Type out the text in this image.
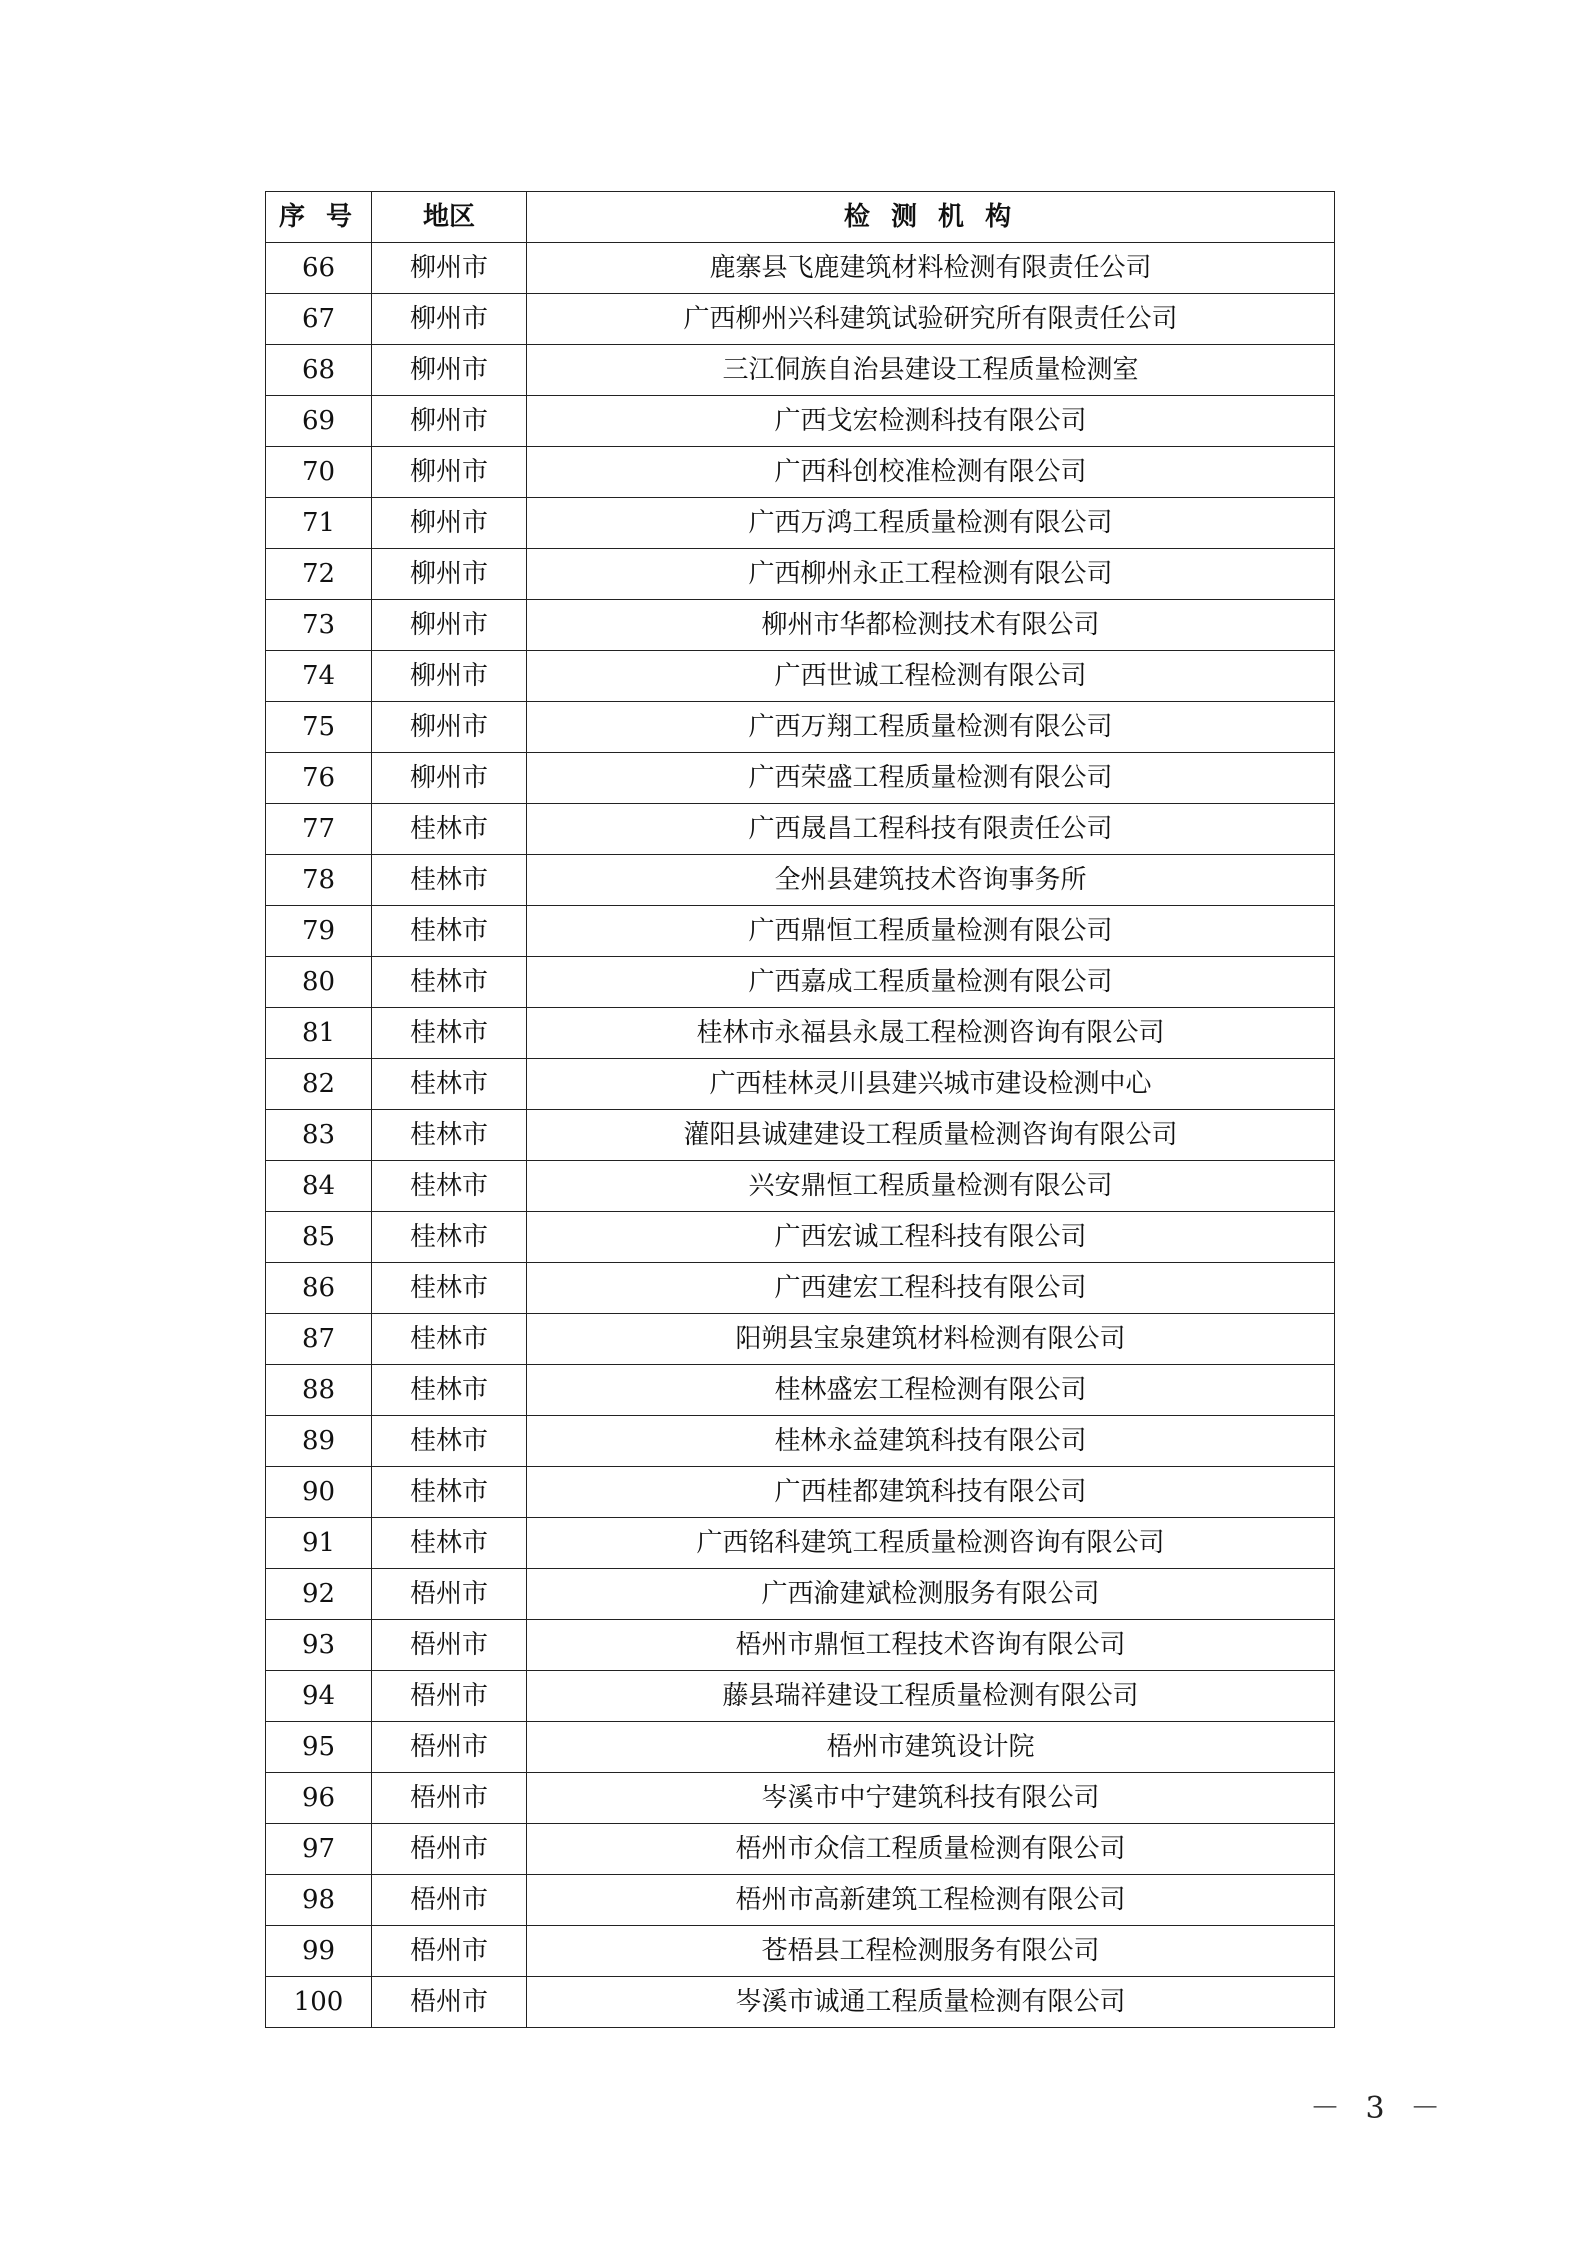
序 号	地区	检 测 机 构
66	柳州市	鹿寨县飞鹿建筑材料检测有限责任公司
67	柳州市	广西柳州兴科建筑试验研究所有限责任公司
68	柳州市	三江侗族自治县建设工程质量检测室
69	柳州市	广西戈宏检测科技有限公司
70	柳州市	广西科创校准检测有限公司
71	柳州市	广西万鸿工程质量检测有限公司
72	柳州市	广西柳州永正工程检测有限公司
73	柳州市	柳州市华都检测技术有限公司
74	柳州市	广西世诚工程检测有限公司
75	柳州市	广西万翔工程质量检测有限公司
76	柳州市	广西荣盛工程质量检测有限公司
77	桂林市	广西晟昌工程科技有限责任公司
78	桂林市	全州县建筑技术咨询事务所
79	桂林市	广西鼎恒工程质量检测有限公司
80	桂林市	广西嘉成工程质量检测有限公司
81	桂林市	桂林市永福县永晟工程检测咨询有限公司
82	桂林市	广西桂林灵川县建兴城市建设检测中心
83	桂林市	灌阳县诚建建设工程质量检测咨询有限公司
84	桂林市	兴安鼎恒工程质量检测有限公司
85	桂林市	广西宏诚工程科技有限公司
86	桂林市	广西建宏工程科技有限公司
87	桂林市	阳朔县宝泉建筑材料检测有限公司
88	桂林市	桂林盛宏工程检测有限公司
89	桂林市	桂林永益建筑科技有限公司
90	桂林市	广西桂都建筑科技有限公司
91	桂林市	广西铭科建筑工程质量检测咨询有限公司
92	梧州市	广西渝建斌检测服务有限公司
93	梧州市	梧州市鼎恒工程技术咨询有限公司
94	梧州市	藤县瑞祥建设工程质量检测有限公司
95	梧州市	梧州市建筑设计院
96	梧州市	岑溪市中宁建筑科技有限公司
97	梧州市	梧州市众信工程质量检测有限公司
98	梧州市	梧州市高新建筑工程检测有限公司
99	梧州市	苍梧县工程检测服务有限公司
100	梧州市	岑溪市诚通工程质量检测有限公司
－ 3 －
